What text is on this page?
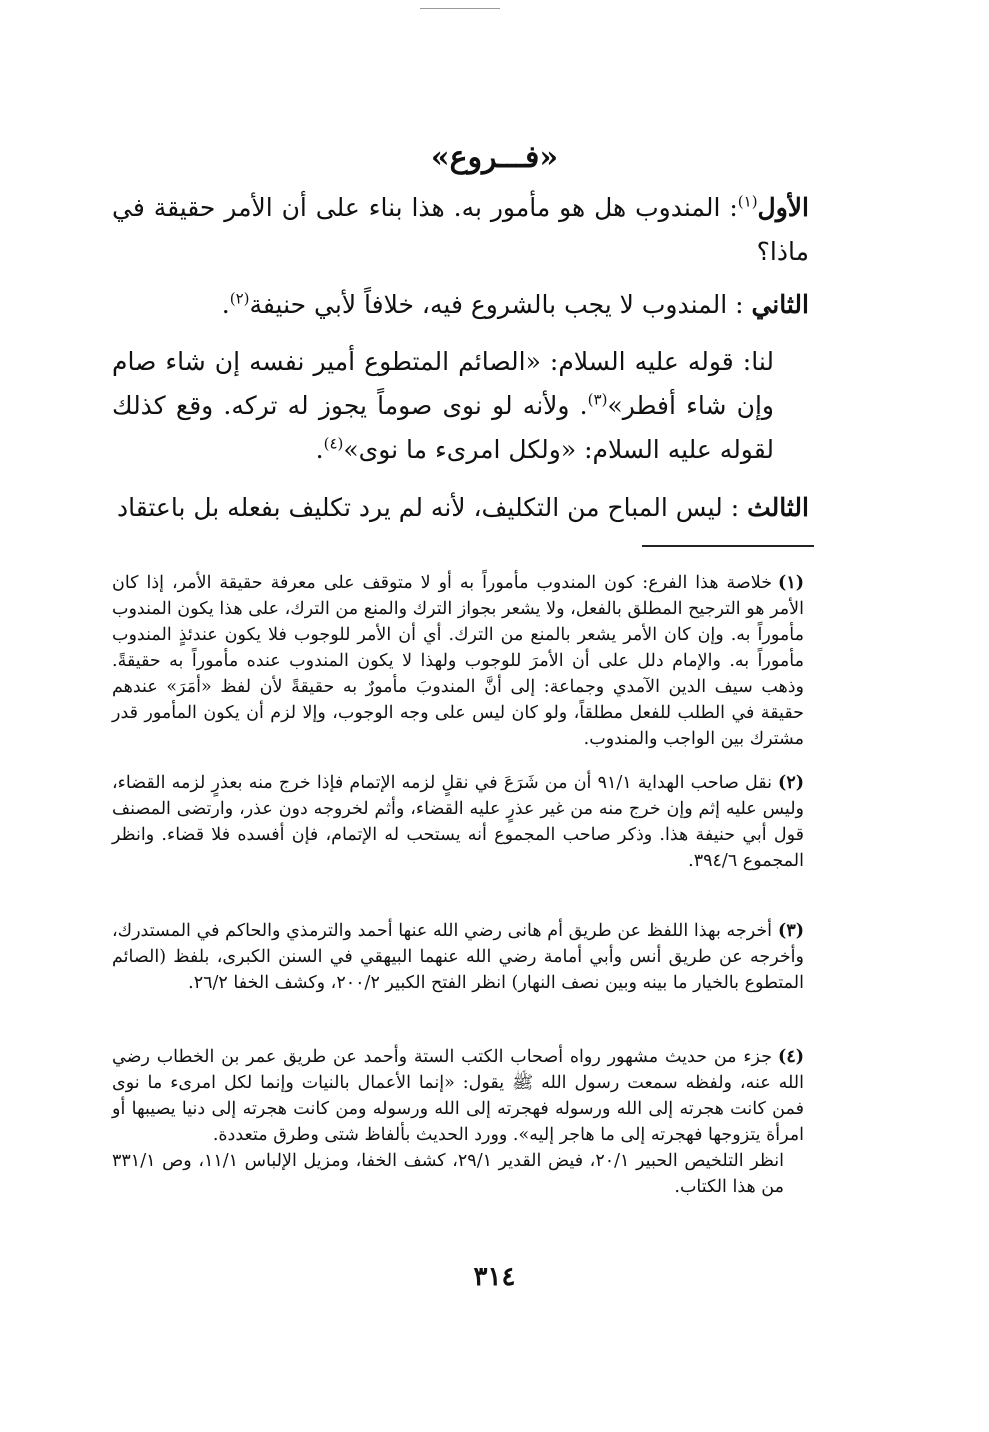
«فـــروع»
الأول$^{(١)}$: المندوب هل هو مأمور به. هذا بناء على أن الأمر حقيقة في ماذا؟
الثاني : المندوب لا يجب بالشروع فيه، خلافاً لأبي حنيفة$^{(٢)}$.
لنا: قوله عليه السلام: «الصائم المتطوع أمير نفسه إن شاء صام وإن شاء أفطر»$^{(٣)}$. ولأنه لو نوى صوماً يجوز له تركه. وقع كذلك لقوله عليه السلام: «ولكل امرىء ما نوى»$^{(٤)}$.
الثالث : ليس المباح من التكليف، لأنه لم يرد تكليف بفعله بل باعتقاد
(١)خلاصة هذا الفرع: كون المندوب مأموراً به أو لا متوقف على معرفة حقيقة الأمر، إذا كان الأمر هو الترجيح المطلق بالفعل، ولا يشعر بجواز الترك والمنع من الترك، على هذا يكون المندوب مأموراً به. وإن كان الأمر يشعر بالمنع من الترك. أي أن الأمر للوجوب فلا يكون عندئذٍ المندوب مأموراً به. والإمام دلل على أن الأمرَ للوجوب ولهذا لا يكون المندوب عنده مأموراً به حقيقةً. وذهب سيف الدين الآمدي وجماعة: إلى أنَّ المندوبَ مأمورٌ به حقيقةً لأن لفظ «أمَرَ» عندهم حقيقة في الطلب للفعل مطلقاً، ولو كان ليس على وجه الوجوب، وإلا لزم أن يكون المأمور قدر مشترك بين الواجب والمندوب.
(٢)نقل صاحب الهداية ٩١/١ أن من شَرَعَ في نقلٍ لزمه الإتمام فإذا خرج منه بعذرٍ لزمه القضاء، وليس عليه إثم وإن خرج منه من غير عذرٍ عليه القضاء، وأثم لخروجه دون عذر، وارتضى المصنف قول أبي حنيفة هذا. وذكر صاحب المجموع أنه يستحب له الإتمام، فإن أفسده فلا قضاء. وانظر المجموع ٣٩٤/٦.
(٣)أخرجه بهذا اللفظ عن طريق أم هانى رضي الله عنها أحمد والترمذي والحاكم في المستدرك، وأخرجه عن طريق أنس وأبي أمامة رضي الله عنهما البيهقي في السنن الكبرى، بلفظ (الصائم المتطوع بالخيار ما بينه وبين نصف النهار) انظر الفتح الكبير ٢٠٠/٢، وكشف الخفا ٢٦/٢.

(٤)جزء من حديث مشهور رواه أصحاب الكتب الستة وأحمد عن طريق عمر بن الخطاب رضي الله عنه، ولفظه سمعت رسول الله ﷺ يقول: «إنما الأعمال بالنيات وإنما لكل امرىء ما نوى فمن كانت هجرته إلى الله ورسوله فهجرته إلى الله ورسوله ومن كانت هجرته إلى دنيا يصيبها أو امرأة يتزوجها فهجرته إلى ما هاجر إليه». وورد الحديث بألفاظ شتى وطرق متعددة.

انظر التلخيص الحبير ٢٠/١، فيض القدير ٢٩/١، كشف الخفا، ومزيل الإلباس ١١/١، وص ٣٣١/١ من هذا الكتاب.

٣١٤
